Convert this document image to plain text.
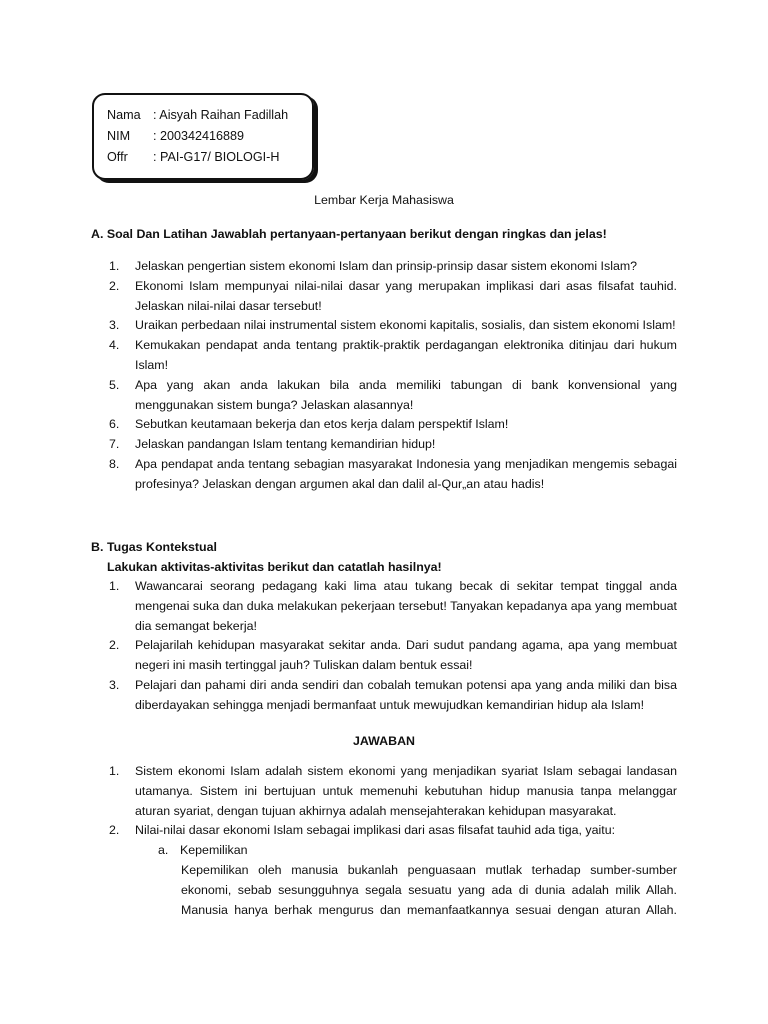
Nama : Aisyah Raihan Fadillah
NIM	: 200342416889
Offr	: PAI-G17/ BIOLOGI-H
Lembar Kerja Mahasiswa
A. Soal Dan Latihan Jawablah pertanyaan-pertanyaan berikut dengan ringkas dan jelas!
1. Jelaskan pengertian sistem ekonomi Islam dan prinsip-prinsip dasar sistem ekonomi Islam?
2. Ekonomi Islam mempunyai nilai-nilai dasar yang merupakan implikasi dari asas filsafat tauhid. Jelaskan nilai-nilai dasar tersebut!
3. Uraikan perbedaan nilai instrumental sistem ekonomi kapitalis, sosialis, dan sistem ekonomi Islam!
4. Kemukakan pendapat anda tentang praktik-praktik perdagangan elektronika ditinjau dari hukum Islam!
5. Apa yang akan anda lakukan bila anda memiliki tabungan di bank konvensional yang menggunakan sistem bunga? Jelaskan alasannya!
6. Sebutkan keutamaan bekerja dan etos kerja dalam perspektif Islam!
7. Jelaskan pandangan Islam tentang kemandirian hidup!
8. Apa pendapat anda tentang sebagian masyarakat Indonesia yang menjadikan mengemis sebagai profesinya? Jelaskan dengan argumen akal dan dalil al-Qur„an atau hadis!
B. Tugas Kontekstual
Lakukan aktivitas-aktivitas berikut dan catatlah hasilnya!
1. Wawancarai seorang pedagang kaki lima atau tukang becak di sekitar tempat tinggal anda mengenai suka dan duka melakukan pekerjaan tersebut! Tanyakan kepadanya apa yang membuat dia semangat bekerja!
2. Pelajarilah kehidupan masyarakat sekitar anda. Dari sudut pandang agama, apa yang membuat negeri ini masih tertinggal jauh? Tuliskan dalam bentuk essai!
3. Pelajari dan pahami diri anda sendiri dan cobalah temukan potensi apa yang anda miliki dan bisa diberdayakan sehingga menjadi bermanfaat untuk mewujudkan kemandirian hidup ala Islam!
JAWABAN
1. Sistem ekonomi Islam adalah sistem ekonomi yang menjadikan syariat Islam sebagai landasan utamanya. Sistem ini bertujuan untuk memenuhi kebutuhan hidup manusia tanpa melanggar aturan syariat, dengan tujuan akhirnya adalah mensejahterakan kehidupan masyarakat.
2. Nilai-nilai dasar ekonomi Islam sebagai implikasi dari asas filsafat tauhid ada tiga, yaitu:
a. Kepemilikan
Kepemilikan oleh manusia bukanlah penguasaan mutlak terhadap sumber-sumber ekonomi, sebab sesungguhnya segala sesuatu yang ada di dunia adalah milik Allah. Manusia hanya berhak mengurus dan memanfaatkannya sesuai dengan aturan Allah.
